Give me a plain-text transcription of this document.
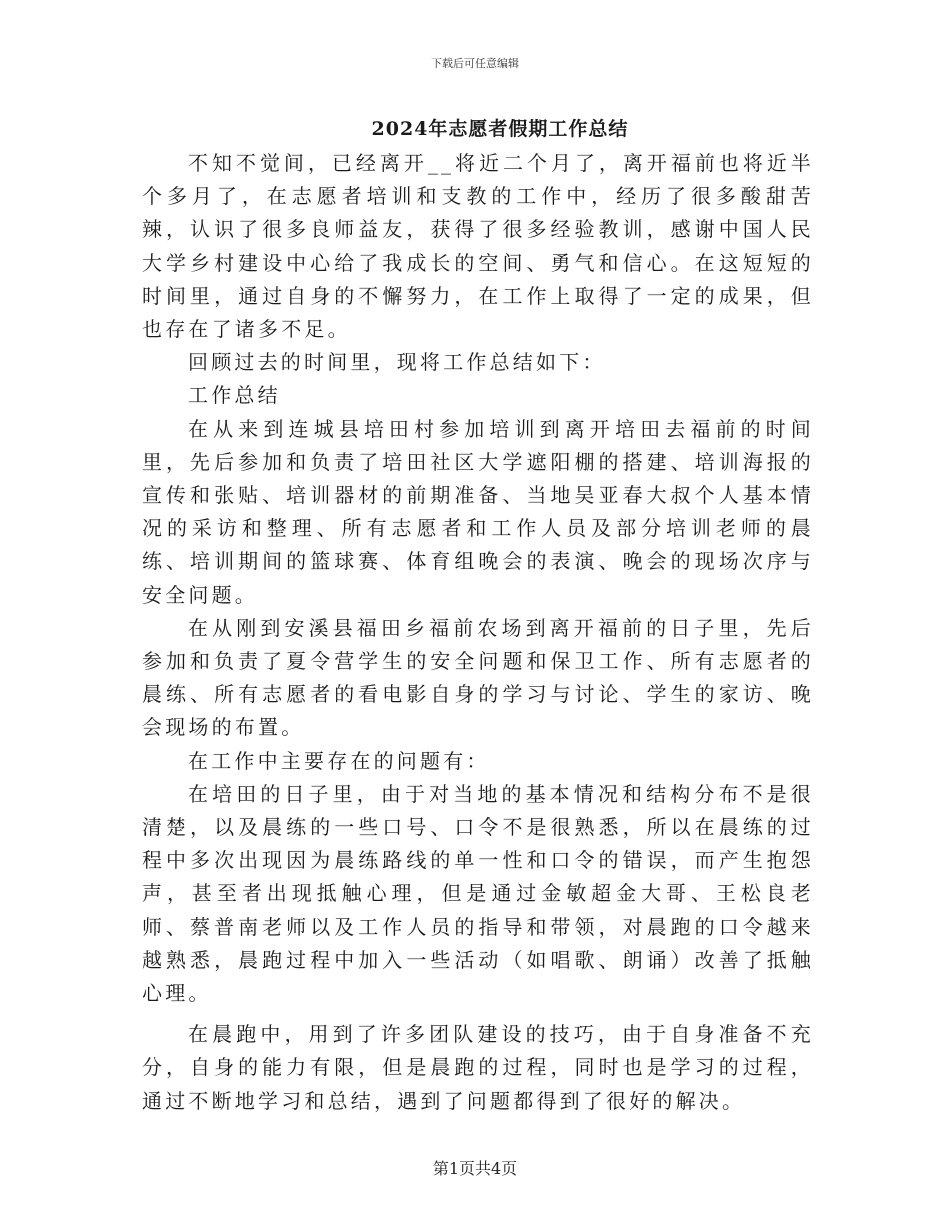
下载后可任意编辑
2024年志愿者假期工作总结

不知不觉间，已经离开__将近二个月了，离开福前也将近半个多月了，在志愿者培训和支教的工作中，经历了很多酸甜苦辣，认识了很多良师益友，获得了很多经验教训，感谢中国人民大学乡村建设中心给了我成长的空间、勇气和信心。在这短短的时间里，通过自身的不懈努力，在工作上取得了一定的成果，但也存在了诸多不足。

回顾过去的时间里，现将工作总结如下：

工作总结

在从来到连城县培田村参加培训到离开培田去福前的时间里，先后参加和负责了培田社区大学遮阳棚的搭建、培训海报的宣传和张贴、培训器材的前期准备、当地吴亚春大叔个人基本情况的采访和整理、所有志愿者和工作人员及部分培训老师的晨练、培训期间的篮球赛、体育组晚会的表演、晚会的现场次序与安全问题。

在从刚到安溪县福田乡福前农场到离开福前的日子里，先后参加和负责了夏令营学生的安全问题和保卫工作、所有志愿者的晨练、所有志愿者的看电影自身的学习与讨论、学生的家访、晚会现场的布置。

在工作中主要存在的问题有：

在培田的日子里，由于对当地的基本情况和结构分布不是很清楚，以及晨练的一些口号、口令不是很熟悉，所以在晨练的过程中多次出现因为晨练路线的单一性和口令的错误，而产生抱怨声，甚至者出现抵触心理，但是通过金敏超金大哥、王松良老师、蔡普南老师以及工作人员的指导和带领，对晨跑的口令越来越熟悉，晨跑过程中加入一些活动（如唱歌、朗诵）改善了抵触心理。

在晨跑中，用到了许多团队建设的技巧，由于自身准备不充分，自身的能力有限，但是晨跑的过程，同时也是学习的过程，通过不断地学习和总结，遇到了问题都得到了很好的解决。

第1页共4页
